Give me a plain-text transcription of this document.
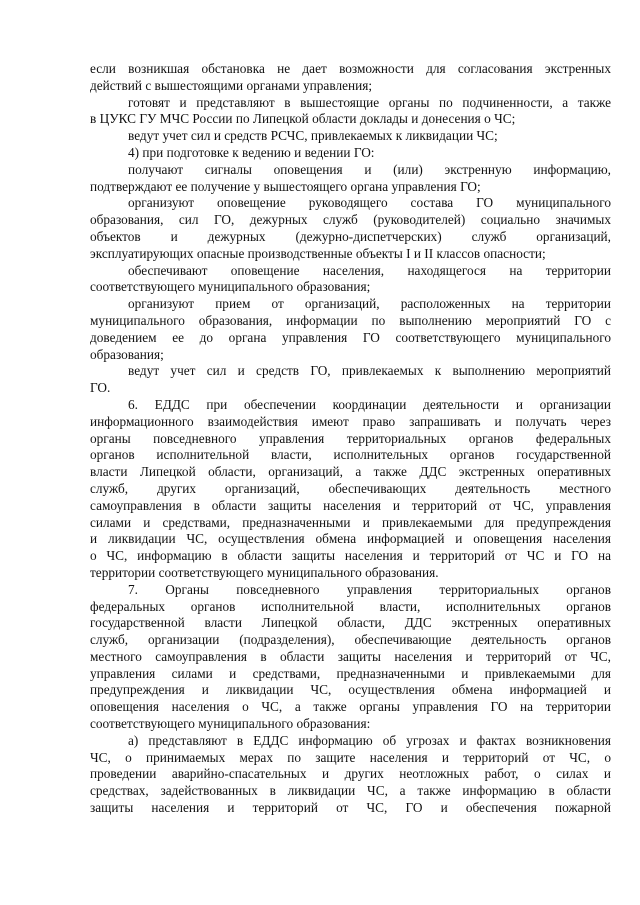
если возникшая обстановка не дает возможности для согласования экстренных
действий с вышестоящими органами управления;

готовят и представляют в вышестоящие органы по подчиненности, а также
в ЦУКС ГУ МЧС России по Липецкой области доклады и донесения о ЧС;

ведут учет сил и средств РСЧС, привлекаемых к ликвидации ЧС;

4) при подготовке к ведению и ведении ГО:

получают сигналы оповещения и (или) экстренную информацию,
подтверждают ее получение у вышестоящего органа управления ГО;

организуют оповещение руководящего состава ГО муниципального
образования, сил ГО, дежурных служб (руководителей) социально значимых
объектов и дежурных (дежурно-диспетчерских) служб организаций,
эксплуатирующих опасные производственные объекты I и II классов опасности;

обеспечивают оповещение населения, находящегося на территории
соответствующего муниципального образования;

организуют прием от организаций, расположенных на территории
муниципального образования, информации по выполнению мероприятий ГО с
доведением ее до органа управления ГО соответствующего муниципального
образования;

ведут учет сил и средств ГО, привлекаемых к выполнению мероприятий
ГО.

6. ЕДДС при обеспечении координации деятельности и организации
информационного взаимодействия имеют право запрашивать и получать через
органы повседневного управления территориальных органов федеральных
органов исполнительной власти, исполнительных органов государственной
власти Липецкой области, организаций, а также ДДС экстренных оперативных
служб, других организаций, обеспечивающих деятельность местного
самоуправления в области защиты населения и территорий от ЧС, управления
силами и средствами, предназначенными и привлекаемыми для предупреждения
и ликвидации ЧС, осуществления обмена информацией и оповещения населения
о ЧС, информацию в области защиты населения и территорий от ЧС и ГО на
территории соответствующего муниципального образования.

7. Органы повседневного управления территориальных органов
федеральных органов исполнительной власти, исполнительных органов
государственной власти Липецкой области, ДДС экстренных оперативных
служб, организации (подразделения), обеспечивающие деятельность органов
местного самоуправления в области защиты населения и территорий от ЧС,
управления силами и средствами, предназначенными и привлекаемыми для
предупреждения и ликвидации ЧС, осуществления обмена информацией и
оповещения населения о ЧС, а также органы управления ГО на территории
соответствующего муниципального образования:

а) представляют в ЕДДС информацию об угрозах и фактах возникновения
ЧС, о принимаемых мерах по защите населения и территорий от ЧС, о
проведении аварийно-спасательных и других неотложных работ, о силах и
средствах, задействованных в ликвидации ЧС, а также информацию в области
защиты населения и территорий от ЧС, ГО и обеспечения пожарной
